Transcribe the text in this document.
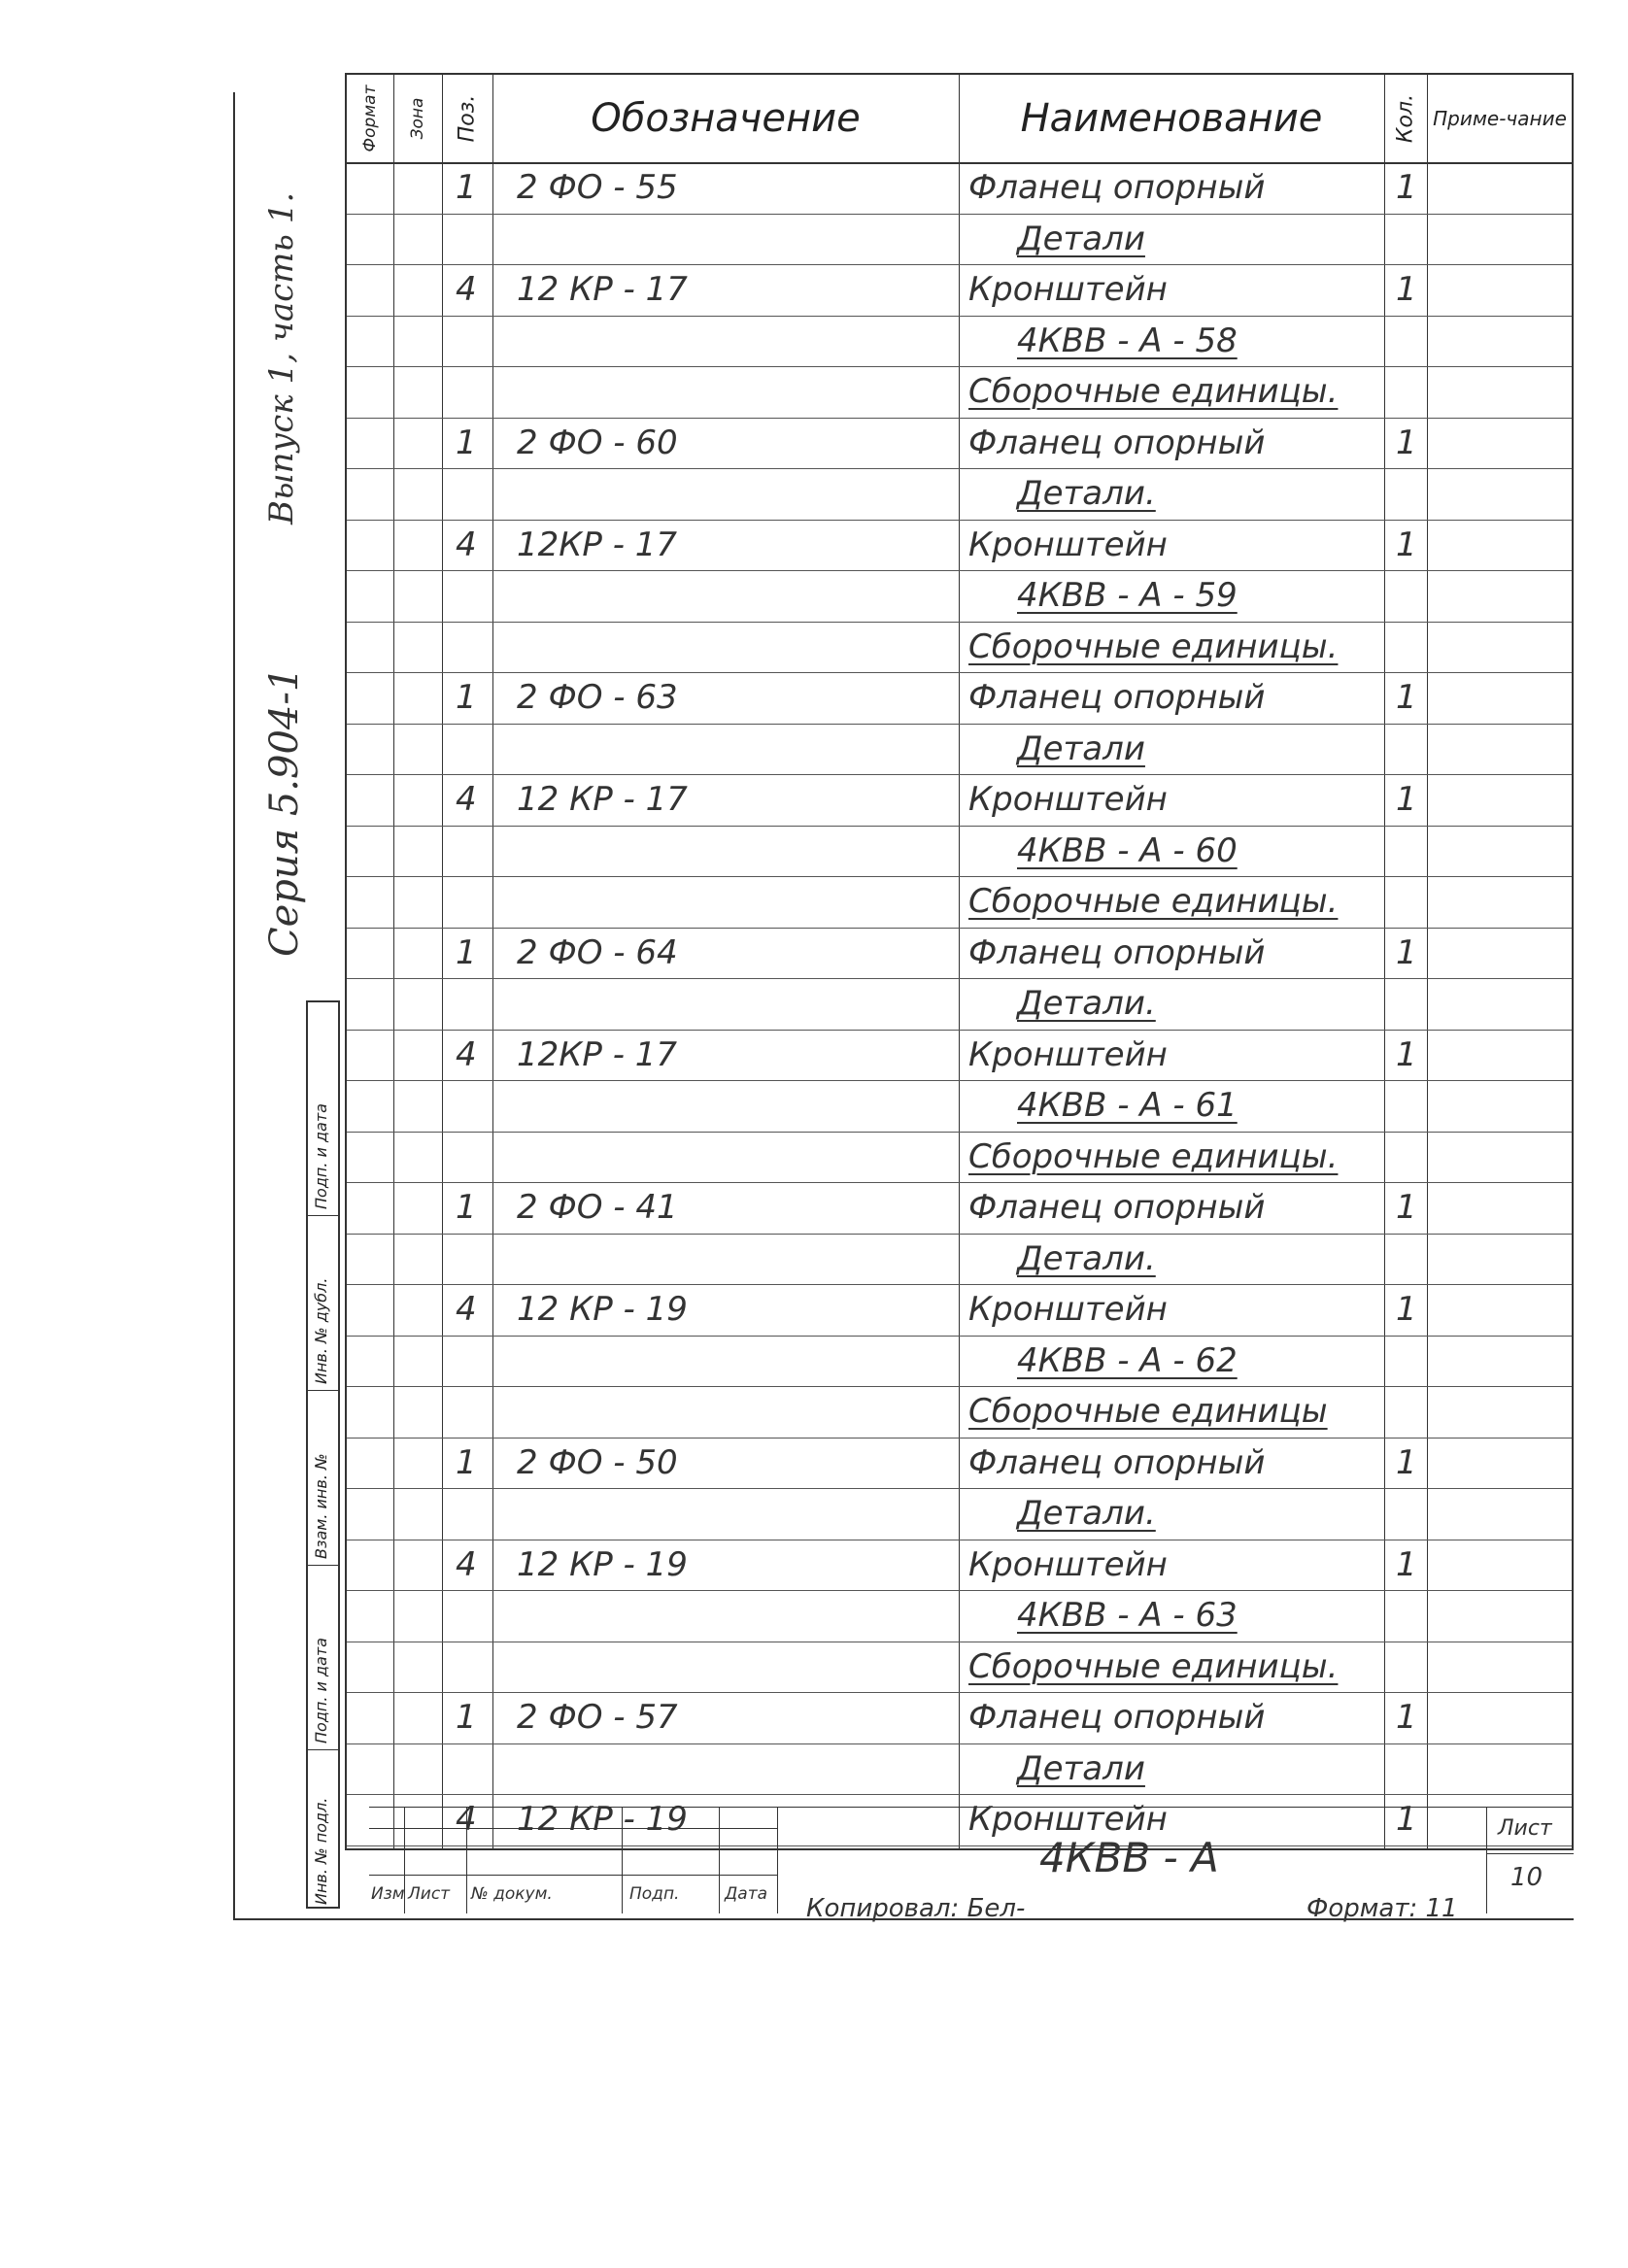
Выпуск 1, часть 1.
Серия 5.904-1
Подп. и дата
Инв. № дубл.
Взам. инв. №
Подп. и дата
Инв. № подл.
Формат Зона Поз.	Обозначение	Наименование	Кол. Приме-чание
1 2 ФО - 55	Фланец опорный	1
Детали
4 12 КР - 17	Кронштейн	1
4КВВ - А - 58
Сборочные единицы.
1 2 ФО - 60	Фланец опорный	1
Детали.
4 12КР - 17	Кронштейн	1
4КВВ - А - 59
Сборочные единицы.
1 2 ФО - 63	Фланец опорный	1
Детали
4 12 КР - 17	Кронштейн	1
4КВВ - А - 60
Сборочные единицы.
1 2 ФО - 64	Фланец опорный	1
Детали.
4 12КР - 17	Кронштейн	1
4КВВ - А - 61
Сборочные единицы.
1 2 ФО - 41	Фланец опорный	1
Детали.
4 12 КР - 19	Кронштейн	1
4КВВ - А - 62
Сборочные единицы
1 2 ФО - 50	Фланец опорный	1
Детали.
4 12 КР - 19	Кронштейн	1
4КВВ - А - 63
Сборочные единицы.
1 2 ФО - 57	Фланец опорный	1
Детали
4 12 КР - 19	Кронштейн	1
Изм Лист № докум.	Подп.	Дата
4КВВ - А
Лист
10
Копировал: Бел-	Формат: 11
